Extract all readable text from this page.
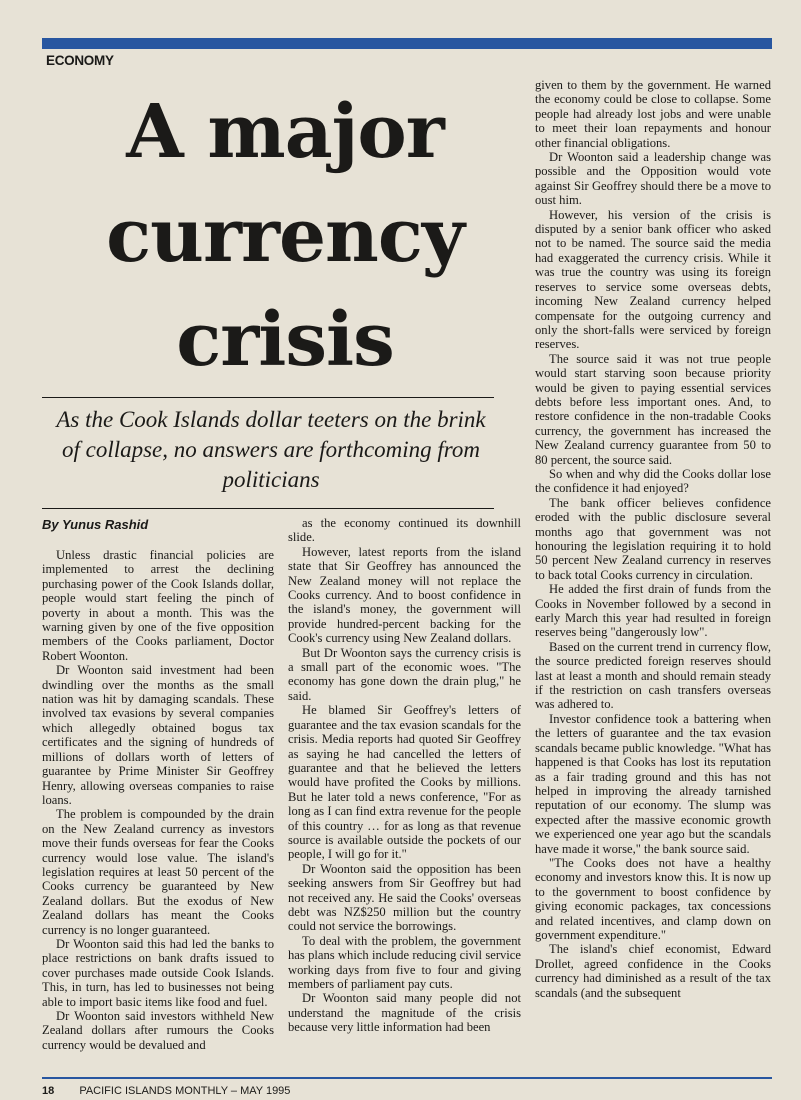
ECONOMY
A major
currency
crisis
As the Cook Islands dollar teeters on the brink of collapse, no answers are forthcoming from politicians
By Yunus Rashid

Unless drastic financial policies are implemented to arrest the declining purchasing power of the Cook Islands dollar, people would start feeling the pinch of poverty in about a month. This was the warning given by one of the five opposition members of the Cooks parliament, Doctor Robert Woonton.

Dr Woonton said investment had been dwindling over the months as the small nation was hit by damaging scandals. These involved tax evasions by several companies which allegedly obtained bogus tax certificates and the signing of hundreds of millions of dollars worth of letters of guarantee by Prime Minister Sir Geoffrey Henry, allowing overseas companies to raise loans.

The problem is compounded by the drain on the New Zealand currency as investors move their funds overseas for fear the Cooks currency would lose value. The island's legislation requires at least 50 percent of the Cooks currency be guaranteed by New Zealand dollars. But the exodus of New Zealand dollars has meant the Cooks currency is no longer guaranteed.

Dr Woonton said this had led the banks to place restrictions on bank drafts issued to cover purchases made outside Cook Islands. This, in turn, has led to businesses not being able to import basic items like food and fuel.

Dr Woonton said investors withheld New Zealand dollars after rumours the Cooks currency would be devalued and

as the economy continued its downhill slide.

However, latest reports from the island state that Sir Geoffrey has announced the New Zealand money will not replace the Cooks currency. And to boost confidence in the island's money, the government will provide hundred-percent backing for the Cook's currency using New Zealand dollars.

But Dr Woonton says the currency crisis is a small part of the economic woes. "The economy has gone down the drain plug," he said.

He blamed Sir Geoffrey's letters of guarantee and the tax evasion scandals for the crisis. Media reports had quoted Sir Geoffrey as saying he had cancelled the letters of guarantee and that he believed the letters would have profited the Cooks by millions. But he later told a news conference, "For as long as I can find extra revenue for the people of this country … for as long as that revenue source is available outside the pockets of our people, I will go for it."

Dr Woonton said the opposition has been seeking answers from Sir Geoffrey but had not received any. He said the Cooks' overseas debt was NZ$250 million but the country could not service the borrowings.

To deal with the problem, the government has plans which include reducing civil service working days from five to four and giving members of parliament pay cuts.

Dr Woonton said many people did not understand the magnitude of the crisis because very little information had been

given to them by the government. He warned the economy could be close to collapse. Some people had already lost jobs and were unable to meet their loan repayments and honour other financial obligations.

Dr Woonton said a leadership change was possible and the Opposition would vote against Sir Geoffrey should there be a move to oust him.

However, his version of the crisis is disputed by a senior bank officer who asked not to be named. The source said the media had exaggerated the currency crisis. While it was true the country was using its foreign reserves to service some overseas debts, incoming New Zealand currency helped compensate for the outgoing currency and only the short-falls were serviced by foreign reserves.

The source said it was not true people would start starving soon because priority would be given to paying essential services debts before less important ones. And, to restore confidence in the non-tradable Cooks currency, the government has increased the New Zealand currency guarantee from 50 to 80 percent, the source said.

So when and why did the Cooks dollar lose the confidence it had enjoyed?

The bank officer believes confidence eroded with the public disclosure several months ago that government was not honouring the legislation requiring it to hold 50 percent New Zealand currency in reserves to back total Cooks currency in circulation.

He added the first drain of funds from the Cooks in November followed by a second in early March this year had resulted in foreign reserves being "dangerously low".

Based on the current trend in currency flow, the source predicted foreign reserves should last at least a month and should remain steady if the restriction on cash transfers overseas was adhered to.

Investor confidence took a battering when the letters of guarantee and the tax evasion scandals became public knowledge. "What has happened is that Cooks has lost its reputation as a fair trading ground and this has not helped in improving the already tarnished reputation of our economy. The slump was expected after the massive economic growth we experienced one year ago but the scandals have made it worse," the bank source said.

"The Cooks does not have a healthy economy and investors know this. It is now up to the government to boost confidence by giving economic packages, tax concessions and related incentives, and clamp down on government expenditure."

The island's chief economist, Edward Drollet, agreed confidence in the Cooks currency had diminished as a result of the tax scandals (and the subsequent

18 PACIFIC ISLANDS MONTHLY – MAY 1995
